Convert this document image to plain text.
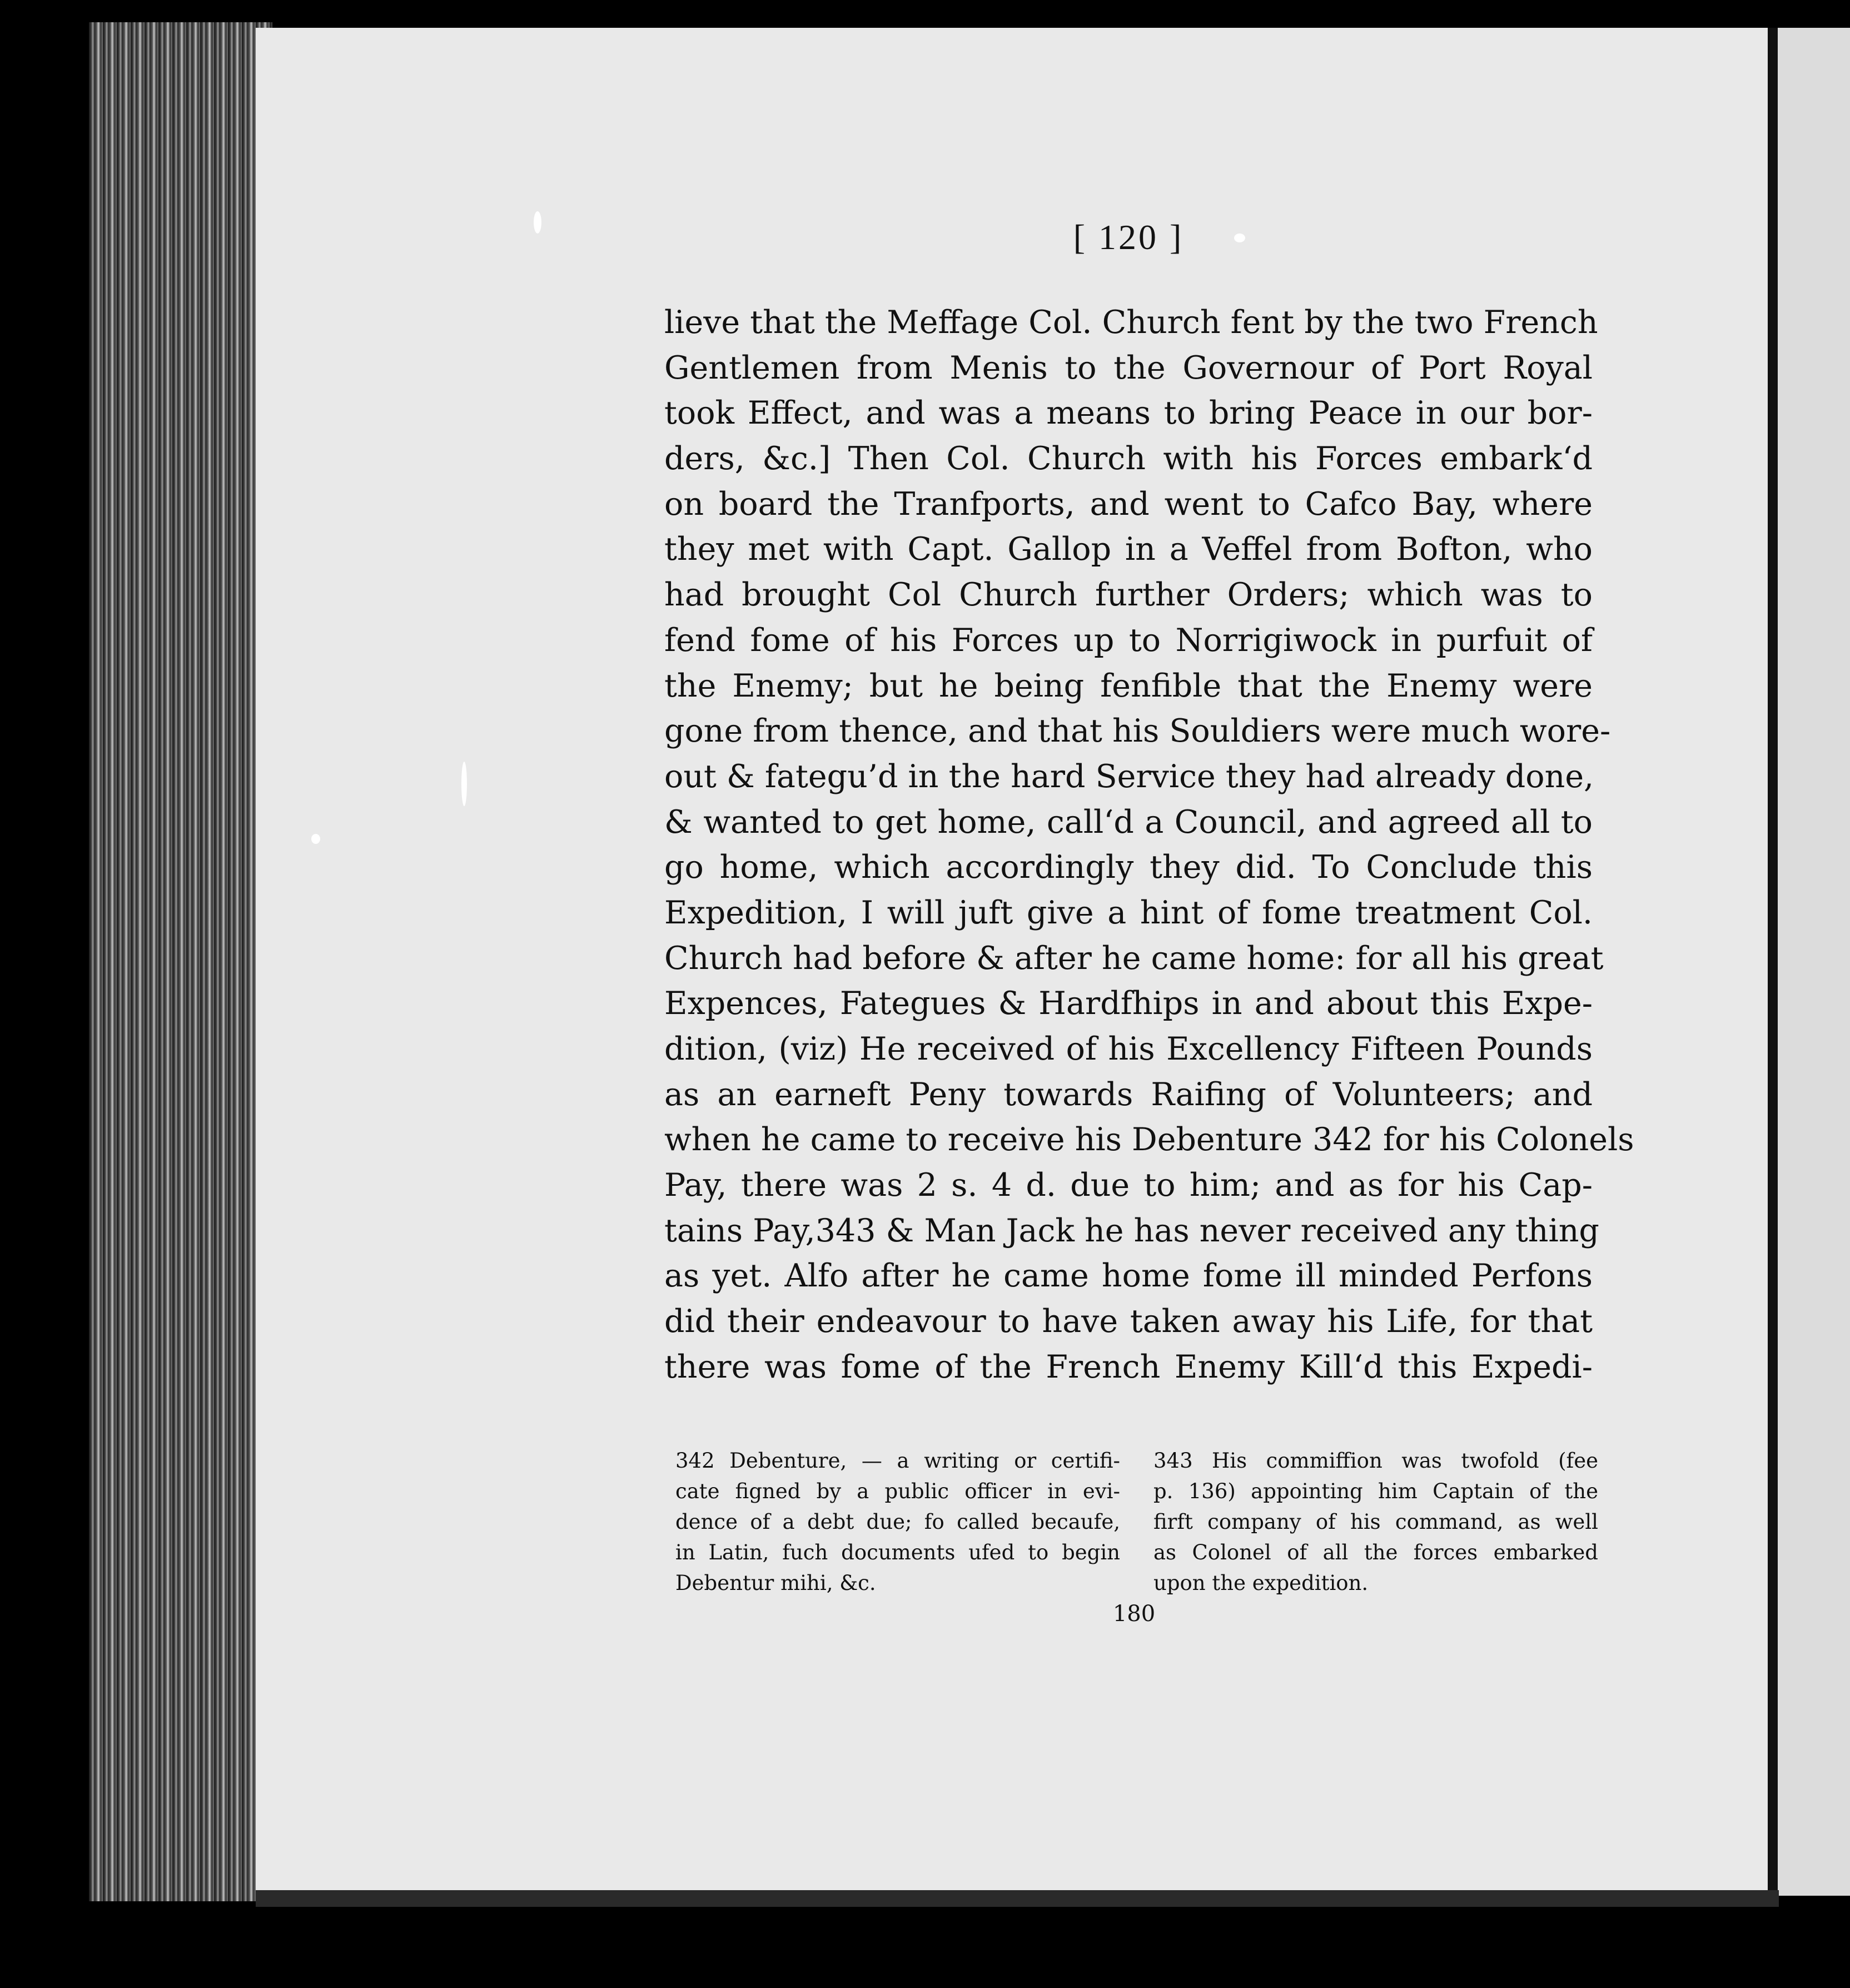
[ 120 ]
lieve that the Meffage Col. Church fent by the two French
Gentlemen from Menis to the Governour of Port Royal
took Effect, and was a means to bring Peace in our bor-
ders, &c.] Then Col. Church with his Forces embark‘d
on board the Tranfports, and went to Cafco Bay, where
they met with Capt. Gallop in a Veffel from Bofton, who
had brought Col Church further Orders; which was to
fend fome of his Forces up to Norrigiwock in purfuit of
the Enemy; but he being fenfible that the Enemy were
gone from thence, and that his Souldiers were much wore-
out & fategu’d in the hard Service they had already done,
& wanted to get home, call‘d a Council, and agreed all to
go home, which accordingly they did. To Conclude this
Expedition, I will juft give a hint of fome treatment Col.
Church had before & after he came home: for all his great
Expences, Fategues & Hardfhips in and about this Expe-
dition, (viz) He received of his Excellency Fifteen Pounds
as an earneft Peny towards Raifing of Volunteers; and
when he came to receive his Debenture 342 for his Colonels
Pay, there was 2 s. 4 d. due to him; and as for his Cap-
tains Pay,343 & Man Jack he has never received any thing
as yet. Alfo after he came home fome ill minded Perfons
did their endeavour to have taken away his Life, for that
there was fome of the French Enemy Kill‘d this Expedi-
342 Debenture, — a writing or certifi-
cate figned by a public officer in evi-
dence of a debt due; fo called becaufe,
in Latin, fuch documents ufed to begin
Debentur mihi, &c.
343 His commiffion was twofold (fee
p. 136) appointing him Captain of the
firft company of his command, as well
as Colonel of all the forces embarked
upon the expedition.
180
